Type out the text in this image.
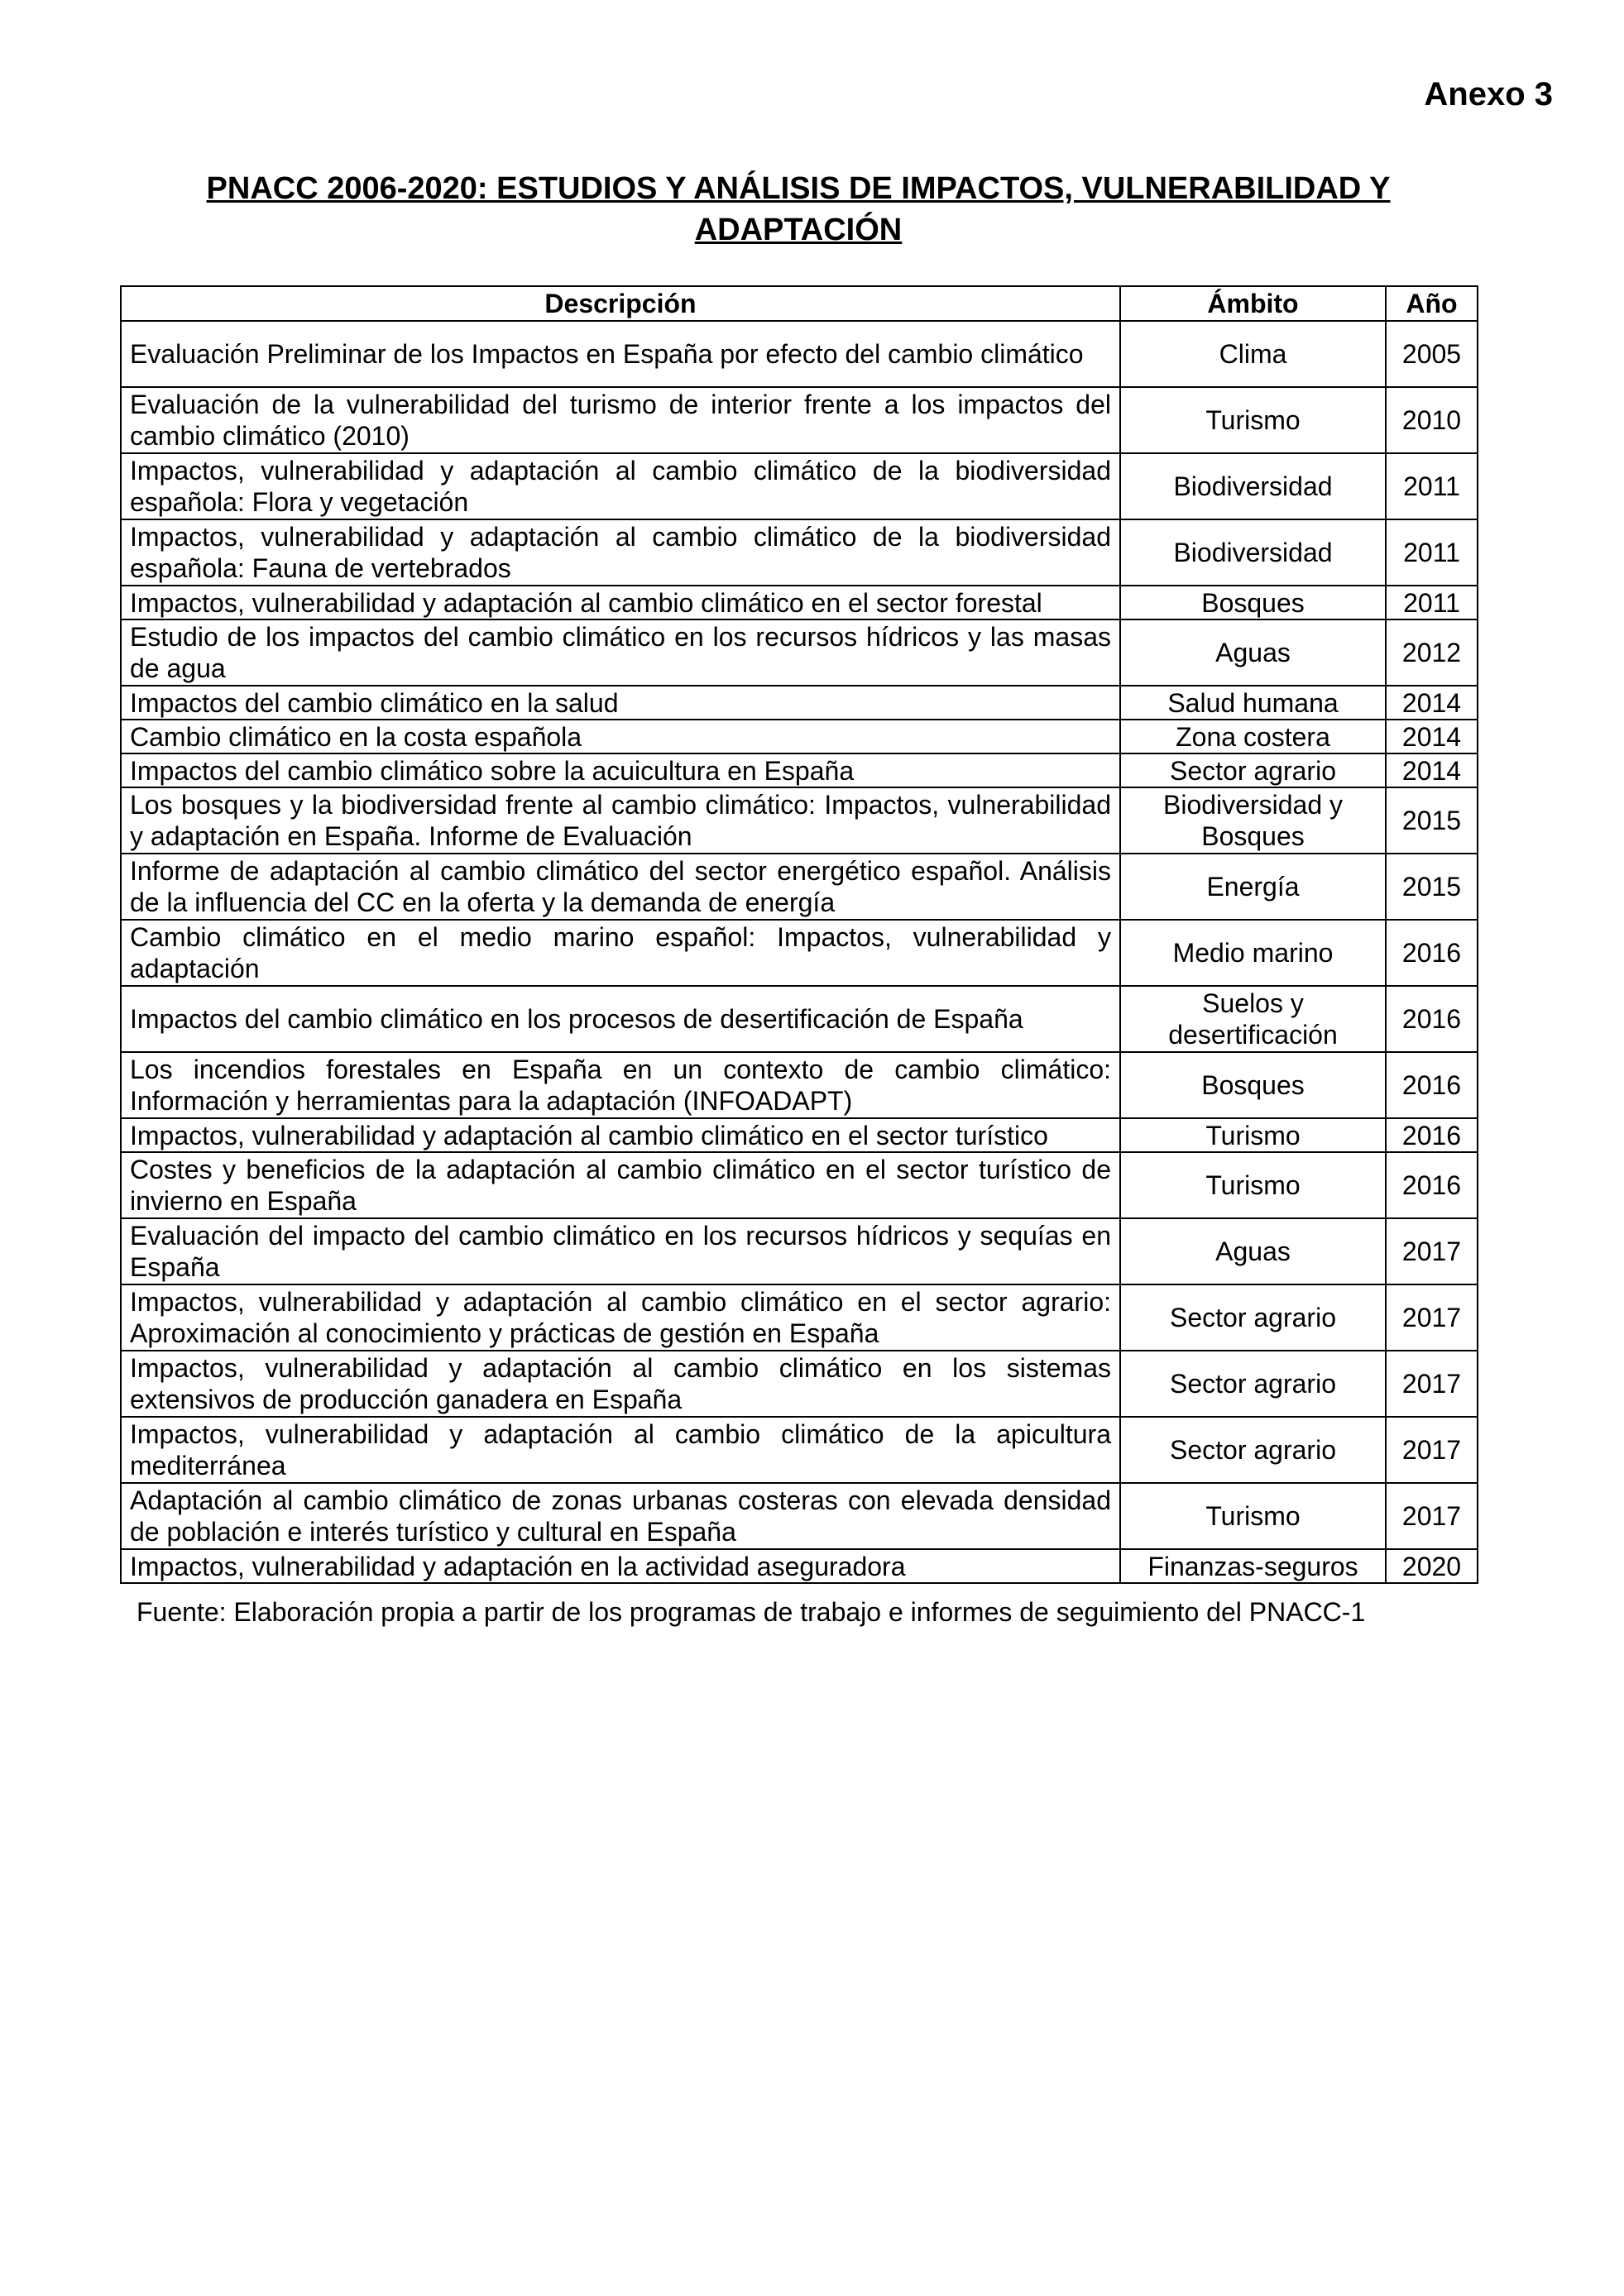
Anexo 3

PNACC 2006-2020: ESTUDIOS Y ANÁLISIS DE IMPACTOS, VULNERABILIDAD Y ADAPTACIÓN
Descripción	Ámbito	Año
Evaluación Preliminar de los Impactos en España por efecto del cambio climático	Clima	2005
Evaluación de la vulnerabilidad del turismo de interior frente a los impactos del cambio climático (2010)	Turismo	2010
Impactos, vulnerabilidad y adaptación al cambio climático de la biodiversidad española: Flora y vegetación	Biodiversidad	2011
Impactos, vulnerabilidad y adaptación al cambio climático de la biodiversidad española: Fauna de vertebrados	Biodiversidad	2011
Impactos, vulnerabilidad y adaptación al cambio climático en el sector forestal	Bosques	2011
Estudio de los impactos del cambio climático en los recursos hídricos y las masas de agua	Aguas	2012
Impactos del cambio climático en la salud	Salud humana	2014
Cambio climático en la costa española	Zona costera	2014
Impactos del cambio climático sobre la acuicultura en España	Sector agrario	2014
Los bosques y la biodiversidad frente al cambio climático: Impactos, vulnerabilidad y adaptación en España. Informe de Evaluación	Biodiversidad y Bosques	2015
Informe de adaptación al cambio climático del sector energético español. Análisis de la influencia del CC en la oferta y la demanda de energía	Energía	2015
Cambio climático en el medio marino español: Impactos, vulnerabilidad y adaptación	Medio marino	2016
Impactos del cambio climático en los procesos de desertificación de España	Suelos y desertificación	2016
Los incendios forestales en España en un contexto de cambio climático: Información y herramientas para la adaptación (INFOADAPT)	Bosques	2016
Impactos, vulnerabilidad y adaptación al cambio climático en el sector turístico	Turismo	2016
Costes y beneficios de la adaptación al cambio climático en el sector turístico de invierno en España	Turismo	2016
Evaluación del impacto del cambio climático en los recursos hídricos y sequías en España	Aguas	2017
Impactos, vulnerabilidad y adaptación al cambio climático en el sector agrario: Aproximación al conocimiento y prácticas de gestión en España	Sector agrario	2017
Impactos, vulnerabilidad y adaptación al cambio climático en los sistemas extensivos de producción ganadera en España	Sector agrario	2017
Impactos, vulnerabilidad y adaptación al cambio climático de la apicultura mediterránea	Sector agrario	2017
Adaptación al cambio climático de zonas urbanas costeras con elevada densidad de población e interés turístico y cultural en España	Turismo	2017
Impactos, vulnerabilidad y adaptación en la actividad aseguradora	Finanzas-seguros	2020

Fuente: Elaboración propia a partir de los programas de trabajo e informes de seguimiento del PNACC-1
